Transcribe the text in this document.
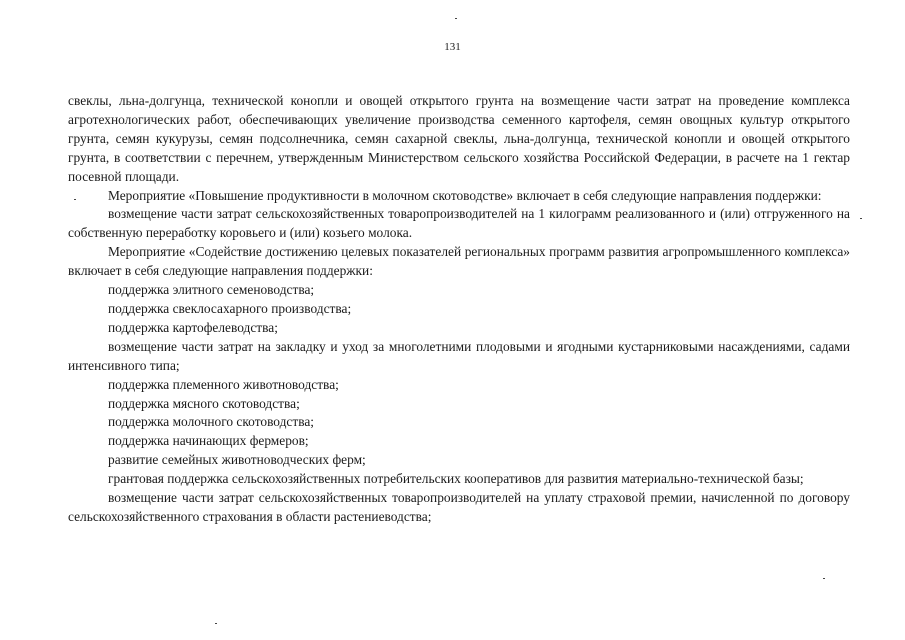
131

свеклы, льна-долгунца, технической конопли и овощей открытого грунта на возмещение части затрат на проведение комплекса агротехнологических работ, обеспечивающих увеличение производства семенного картофеля, семян овощных культур открытого грунта, семян кукурузы, семян подсолнечника, семян сахарной свеклы, льна-долгунца, технической конопли и овощей открытого грунта, в соответствии с перечнем, утвержденным Министерством сельского хозяйства Российской Федерации, в расчете на 1 гектар посевной площади.

Мероприятие «Повышение продуктивности в молочном скотоводстве» включает в себя следующие направления поддержки:

возмещение части затрат сельскохозяйственных товаропроизводителей на 1 килограмм реализованного и (или) отгруженного на собственную переработку коровьего и (или) козьего молока.

Мероприятие «Содействие достижению целевых показателей региональных программ развития агропромышленного комплекса» включает в себя следующие направления поддержки:

поддержка элитного семеноводства;

поддержка свеклосахарного производства;

поддержка картофелеводства;

возмещение части затрат на закладку и уход за многолетними плодовыми и ягодными кустарниковыми насаждениями, садами интенсивного типа;

поддержка племенного животноводства;

поддержка мясного скотоводства;

поддержка молочного скотоводства;

поддержка начинающих фермеров;

развитие семейных животноводческих ферм;

грантовая поддержка сельскохозяйственных потребительских кооперативов для развития материально-технической базы;

возмещение части затрат сельскохозяйственных товаропроизводителей на уплату страховой премии, начисленной по договору сельскохозяйственного страхования в области растениеводства;
